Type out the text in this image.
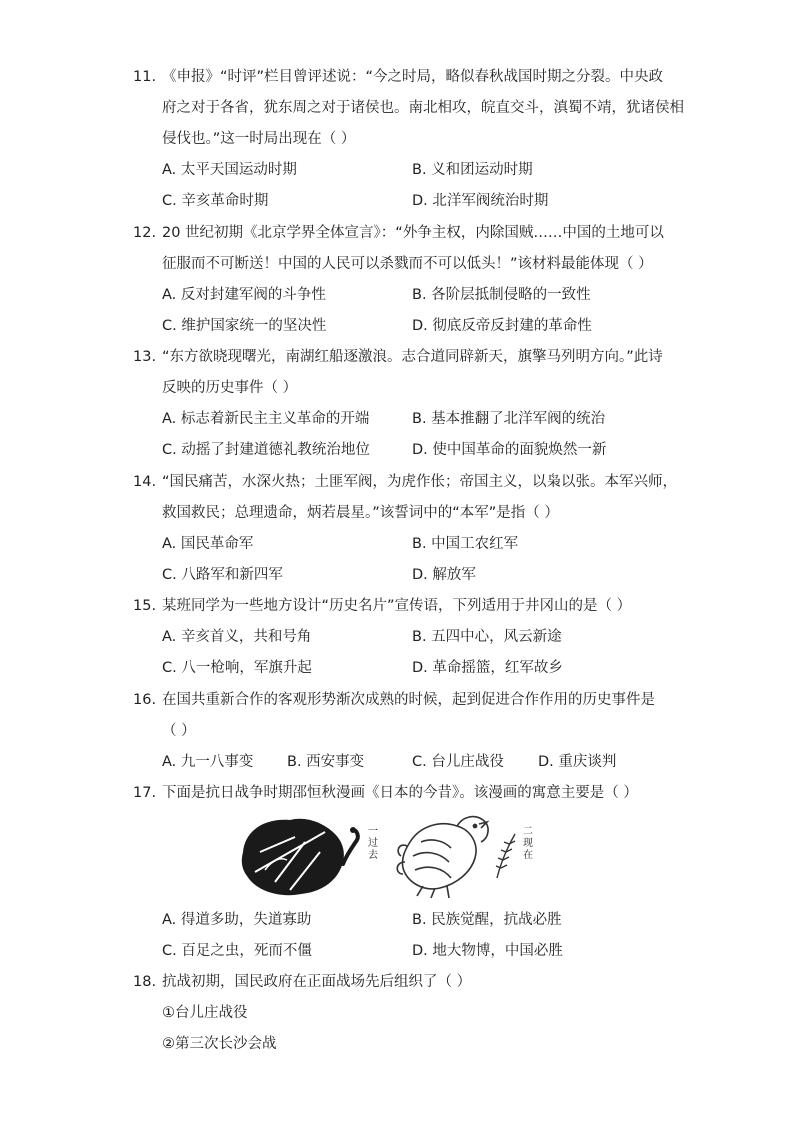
11. 《申报》“时评”栏目曾评述说：“今之时局，略似春秋战国时期之分裂。中央政
府之对于各省，犹东周之对于诸侯也。南北相攻，皖直交斗，滇蜀不靖，犹诸侯相
侵伐也。”这一时局出现在（ ）
A. 太平天国运动时期	B. 义和团运动时期
C. 辛亥革命时期	D. 北洋军阀统治时期
12. 20 世纪初期《北京学界全体宣言》：“外争主权，内除国贼……中国的土地可以
征服而不可断送！中国的人民可以杀戮而不可以低头！”该材料最能体现（ ）
A. 反对封建军阀的斗争性	B. 各阶层抵制侵略的一致性
C. 维护国家统一的坚决性	D. 彻底反帝反封建的革命性
13. “东方欲晓现曙光，南湖红船逐激浪。志合道同辟新天，旗擎马列明方向。”此诗
反映的历史事件（ ）
A. 标志着新民主主义革命的开端	B. 基本推翻了北洋军阀的统治
C. 动摇了封建道德礼教统治地位	D. 使中国革命的面貌焕然一新
14. “国民痛苦，水深火热；土匪军阀，为虎作伥；帝国主义，以枭以张。本军兴师，
救国救民；总理遗命，炳若晨星。”该誓词中的“本军”是指（ ）
A. 国民革命军	B. 中国工农红军
C. 八路军和新四军	D. 解放军
15. 某班同学为一些地方设计“历史名片”宣传语，下列适用于井冈山的是（ ）
A. 辛亥首义，共和号角	B. 五四中心，风云新途
C. 八一枪响，军旗升起	D. 革命摇篮，红军故乡
16. 在国共重新合作的客观形势渐次成熟的时候，起到促进合作作用的历史事件是
（ ）
A. 九一八事变 B. 西安事变	C. 台儿庄战役 D. 重庆谈判
17. 下面是抗日战争时期邵恒秋漫画《日本的今昔》。该漫画的寓意主要是（ ）
一过去
二现在
A. 得道多助，失道寡助	B. 民族觉醒，抗战必胜
C. 百足之虫，死而不僵	D. 地大物博，中国必胜
18. 抗战初期，国民政府在正面战场先后组织了（ ）
①台儿庄战役
②第三次长沙会战
